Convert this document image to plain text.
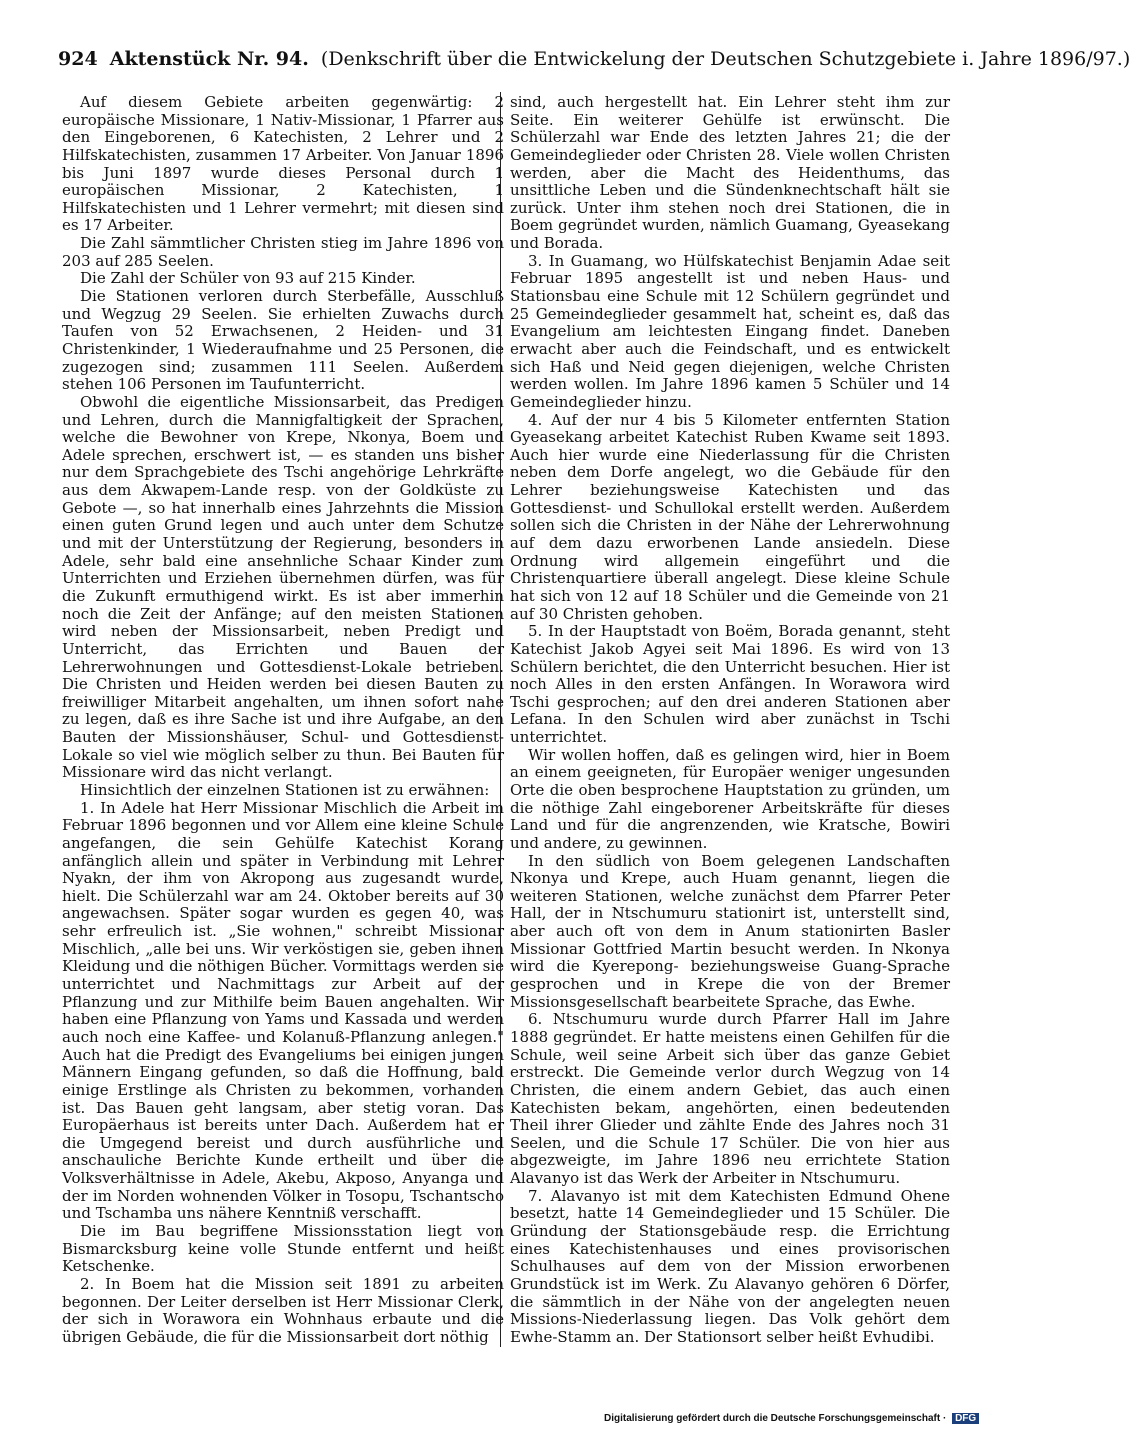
924 Aktenstück Nr. 94. (Denkschrift über die Entwickelung der Deutschen Schutzgebiete i. Jahre 1896/97.)

Auf diesem Gebiete arbeiten gegenwärtig: 2 europäische Missionare, 1 Nativ-Missionar, 1 Pfarrer aus den Eingeborenen, 6 Katechisten, 2 Lehrer und 2 Hilfskatechisten, zusammen 17 Arbeiter. Von Januar 1896 bis Juni 1897 wurde dieses Personal durch 1 europäischen Missionar, 2 Katechisten, 1 Hilfskatechisten und 1 Lehrer vermehrt; mit diesen sind es 17 Arbeiter.

Die Zahl sämmtlicher Christen stieg im Jahre 1896 von 203 auf 285 Seelen.

Die Zahl der Schüler von 93 auf 215 Kinder.

Die Stationen verloren durch Sterbefälle, Ausschluß und Wegzug 29 Seelen. Sie erhielten Zuwachs durch Taufen von 52 Erwachsenen, 2 Heiden- und 31 Christenkinder, 1 Wiederaufnahme und 25 Personen, die zugezogen sind; zusammen 111 Seelen. Außerdem stehen 106 Personen im Taufunterricht.

Obwohl die eigentliche Missionsarbeit, das Predigen und Lehren, durch die Mannigfaltigkeit der Sprachen, welche die Bewohner von Krepe, Nkonya, Boem und Adele sprechen, erschwert ist, — es standen uns bisher nur dem Sprachgebiete des Tschi angehörige Lehrkräfte aus dem Akwapem-Lande resp. von der Goldküste zu Gebote —, so hat innerhalb eines Jahrzehnts die Mission einen guten Grund legen und auch unter dem Schutze und mit der Unterstützung der Regierung, besonders in Adele, sehr bald eine ansehnliche Schaar Kinder zum Unterrichten und Erziehen übernehmen dürfen, was für die Zukunft ermuthigend wirkt. Es ist aber immerhin noch die Zeit der Anfänge; auf den meisten Stationen wird neben der Missionsarbeit, neben Predigt und Unterricht, das Errichten und Bauen der Lehrerwohnungen und Gottesdienst-Lokale betrieben. Die Christen und Heiden werden bei diesen Bauten zu freiwilliger Mitarbeit angehalten, um ihnen sofort nahe zu legen, daß es ihre Sache ist und ihre Aufgabe, an den Bauten der Missionshäuser, Schul- und Gottesdienst-Lokale so viel wie möglich selber zu thun. Bei Bauten für Missionare wird das nicht verlangt.

Hinsichtlich der einzelnen Stationen ist zu erwähnen:

1. In Adele hat Herr Missionar Mischlich die Arbeit im Februar 1896 begonnen und vor Allem eine kleine Schule angefangen, die sein Gehülfe Katechist Korang anfänglich allein und später in Verbindung mit Lehrer Nyakn, der ihm von Akropong aus zugesandt wurde, hielt. Die Schülerzahl war am 24. Oktober bereits auf 30 angewachsen. Später sogar wurden es gegen 40, was sehr erfreulich ist. „Sie wohnen," schreibt Missionar Mischlich, „alle bei uns. Wir verköstigen sie, geben ihnen Kleidung und die nöthigen Bücher. Vormittags werden sie unterrichtet und Nachmittags zur Arbeit auf der Pflanzung und zur Mithilfe beim Bauen angehalten. Wir haben eine Pflanzung von Yams und Kassada und werden auch noch eine Kaffee- und Kolanuß-Pflanzung anlegen." Auch hat die Predigt des Evangeliums bei einigen jungen Männern Eingang gefunden, so daß die Hoffnung, bald einige Erstlinge als Christen zu bekommen, vorhanden ist. Das Bauen geht langsam, aber stetig voran. Das Europäerhaus ist bereits unter Dach. Außerdem hat er die Umgegend bereist und durch ausführliche und anschauliche Berichte Kunde ertheilt und über die Volksverhältnisse in Adele, Akebu, Akposo, Anyanga und der im Norden wohnenden Völker in Tosopu, Tschantscho und Tschamba uns nähere Kenntniß verschafft.

Die im Bau begriffene Missionsstation liegt von Bismarcksburg keine volle Stunde entfernt und heißt Ketschenke.

2. In Boem hat die Mission seit 1891 zu arbeiten begonnen. Der Leiter derselben ist Herr Missionar Clerk, der sich in Worawora ein Wohnhaus erbaute und die übrigen Gebäude, die für die Missionsarbeit dort nöthig

sind, auch hergestellt hat. Ein Lehrer steht ihm zur Seite. Ein weiterer Gehülfe ist erwünscht. Die Schülerzahl war Ende des letzten Jahres 21; die der Gemeindeglieder oder Christen 28. Viele wollen Christen werden, aber die Macht des Heidenthums, das unsittliche Leben und die Sündenknechtschaft hält sie zurück. Unter ihm stehen noch drei Stationen, die in Boem gegründet wurden, nämlich Guamang, Gyeasekang und Borada.

3. In Guamang, wo Hülfskatechist Benjamin Adae seit Februar 1895 angestellt ist und neben Haus- und Stationsbau eine Schule mit 12 Schülern gegründet und 25 Gemeindeglieder gesammelt hat, scheint es, daß das Evangelium am leichtesten Eingang findet. Daneben erwacht aber auch die Feindschaft, und es entwickelt sich Haß und Neid gegen diejenigen, welche Christen werden wollen. Im Jahre 1896 kamen 5 Schüler und 14 Gemeindeglieder hinzu.

4. Auf der nur 4 bis 5 Kilometer entfernten Station Gyeasekang arbeitet Katechist Ruben Kwame seit 1893. Auch hier wurde eine Niederlassung für die Christen neben dem Dorfe angelegt, wo die Gebäude für den Lehrer beziehungsweise Katechisten und das Gottesdienst- und Schullokal erstellt werden. Außerdem sollen sich die Christen in der Nähe der Lehrerwohnung auf dem dazu erworbenen Lande ansiedeln. Diese Ordnung wird allgemein eingeführt und die Christenquartiere überall angelegt. Diese kleine Schule hat sich von 12 auf 18 Schüler und die Gemeinde von 21 auf 30 Christen gehoben.

5. In der Hauptstadt von Boëm, Borada genannt, steht Katechist Jakob Agyei seit Mai 1896. Es wird von 13 Schülern berichtet, die den Unterricht besuchen. Hier ist noch Alles in den ersten Anfängen. In Worawora wird Tschi gesprochen; auf den drei anderen Stationen aber Lefana. In den Schulen wird aber zunächst in Tschi unterrichtet.

Wir wollen hoffen, daß es gelingen wird, hier in Boem an einem geeigneten, für Europäer weniger ungesunden Orte die oben besprochene Hauptstation zu gründen, um die nöthige Zahl eingeborener Arbeitskräfte für dieses Land und für die angrenzenden, wie Kratsche, Bowiri und andere, zu gewinnen.

In den südlich von Boem gelegenen Landschaften Nkonya und Krepe, auch Huam genannt, liegen die weiteren Stationen, welche zunächst dem Pfarrer Peter Hall, der in Ntschumuru stationirt ist, unterstellt sind, aber auch oft von dem in Anum stationirten Basler Missionar Gottfried Martin besucht werden. In Nkonya wird die Kyerepong- beziehungsweise Guang-Sprache gesprochen und in Krepe die von der Bremer Missionsgesellschaft bearbeitete Sprache, das Ewhe.

6. Ntschumuru wurde durch Pfarrer Hall im Jahre 1888 gegründet. Er hatte meistens einen Gehilfen für die Schule, weil seine Arbeit sich über das ganze Gebiet erstreckt. Die Gemeinde verlor durch Wegzug von 14 Christen, die einem andern Gebiet, das auch einen Katechisten bekam, angehörten, einen bedeutenden Theil ihrer Glieder und zählte Ende des Jahres noch 31 Seelen, und die Schule 17 Schüler. Die von hier aus abgezweigte, im Jahre 1896 neu errichtete Station Alavanyo ist das Werk der Arbeiter in Ntschumuru.

7. Alavanyo ist mit dem Katechisten Edmund Ohene besetzt, hatte 14 Gemeindeglieder und 15 Schüler. Die Gründung der Stationsgebäude resp. die Errichtung eines Katechistenhauses und eines provisorischen Schulhauses auf dem von der Mission erworbenen Grundstück ist im Werk. Zu Alavanyo gehören 6 Dörfer, die sämmtlich in der Nähe von der angelegten neuen Missions-Niederlassung liegen. Das Volk gehört dem Ewhe-Stamm an. Der Stationsort selber heißt Evhudibi.

Digitalisierung gefördert durch die Deutsche Forschungsgemeinschaft · DFG
